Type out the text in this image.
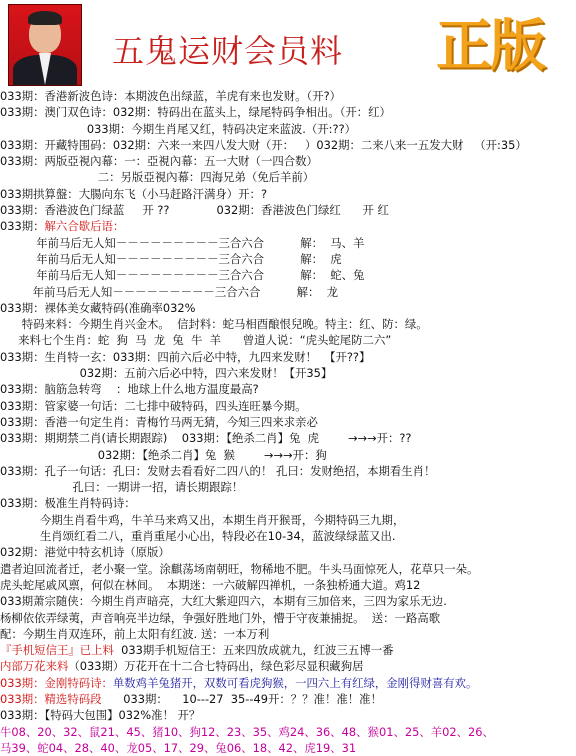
五鬼运财会员料 正版
033期：香港新波色诗：本期波色出绿蓝，羊虎有来也发财。（开?）
033期：澳门双色诗：032期：特码出在蓝头上，绿尾特码争相出。（开：红）
033期：今期生肖尾又红，特码决定来蓝波.（开:??）
033期：开藏特围码：032期：六来一来四八发大财（开：   ）032期：二来八来一五发大财   （开:35）
033期：两版亞視內幕：一：亞視內幕：五一大财（一四合数）
二：另版亞視內幕：四海兄弟（免后羊前）
033期拱算盤：大腸向东飞（小马赶路汗满身）开：?
033期：香港波色门绿蓝     开 ??             032期：香港波色门绿红      开 红
033期：解六合歇后语：
年前马后无人知－－－－－－－－－三合六合          解：  马、羊
年前马后无人知－－－－－－－－－三合六合          解：  虎
年前马后无人知－－－－－－－－－三合六合          解：  蛇、兔
年前马后无人知－－－－－－－－－三合六合          解：  龙
033期：裸体美女藏特码(准确率032%
特码来料：今期生肖兴金木。  信封料：蛇马相酉酿恨兒晚。特主：红、防：绿。
来料七个生肖：蛇  狗  马  龙  兔  牛  羊      曾道人说：“虎头蛇尾防二六”
033期：生肖特一玄：033期：四前六后必中特，九四来发财！  【开??】
032期：五前六后必中特，四六来发财！【开35】
033期：脑筋急转弯    ：地球上什么地方温度最高?
033期：管家婆一句话：二七排中破特码，四头连旺暴今期。
033期：香港一句定生肖：青梅竹马两无猜，今知三四来求亲必
033期：期期禁二肖(请长期跟踪)    033期：【绝杀二肖】兔  虎        →→→开：??
032期：【绝杀二肖】兔  猴        →→→开：狗
033期：孔子一句话：孔曰：发财去看看好二四八的！ 孔曰：发财绝招，本期看生肖！
孔曰：一期讲一招，请长期跟踪！
033期：极准生肖特码诗：
今期生肖看牛鸡，牛羊马来鸡又出，本期生肖开猴哥，今期特码三九期，
生肖颂红看二八，重肖重尾小心出，特段必在10-34，蓝波绿绿蓝又出.
032期：港觉中特玄机诗（原版）
遣者迫回流者迁，老小聚一堂。涂麒荡场南朝旺，物稀地不肥。牛头马面惊死人，花草只一朵。
虎头蛇尾戚风禀，何似在林间。  本期迷：一六破解四禅机，一条独桥通大道。鸡12
033期萧宗随侠：今期生肖声暗亮，大红大紫迎四六，本期有三加倍来，三四为家乐无边.
杨柳依依弄绿荑，声音响亮半边绿，争强好胜地门外，懵于守夜兼捕捉。  送：一路高歌
配：今期生肖双连环，前上太阳有红波. 送：一本万利
『手机短信王』已上料  033期手机短信王：五来四放成就九，红波三五博一番
内部万花来料（033期）万花开在十二合七特码出，绿色彩尽显积藏狗居
033期：金刚特码诗：单数鸡羊兔猪开，双数可看虎狗猴，一四六上有红绿，金刚得财喜有欢。
033期：精选特码段      033期：    10---27  35--49开：？？准！准！准！
033期：【特码大包围】032%准！ 开？
牛08、20、32、鼠21、45、猪10、狗12、23、35、鸡24、36、48、猴01、25、羊02、26、
马39、蛇04、28、40、龙05、17、29、兔06、18、42、虎19、31
